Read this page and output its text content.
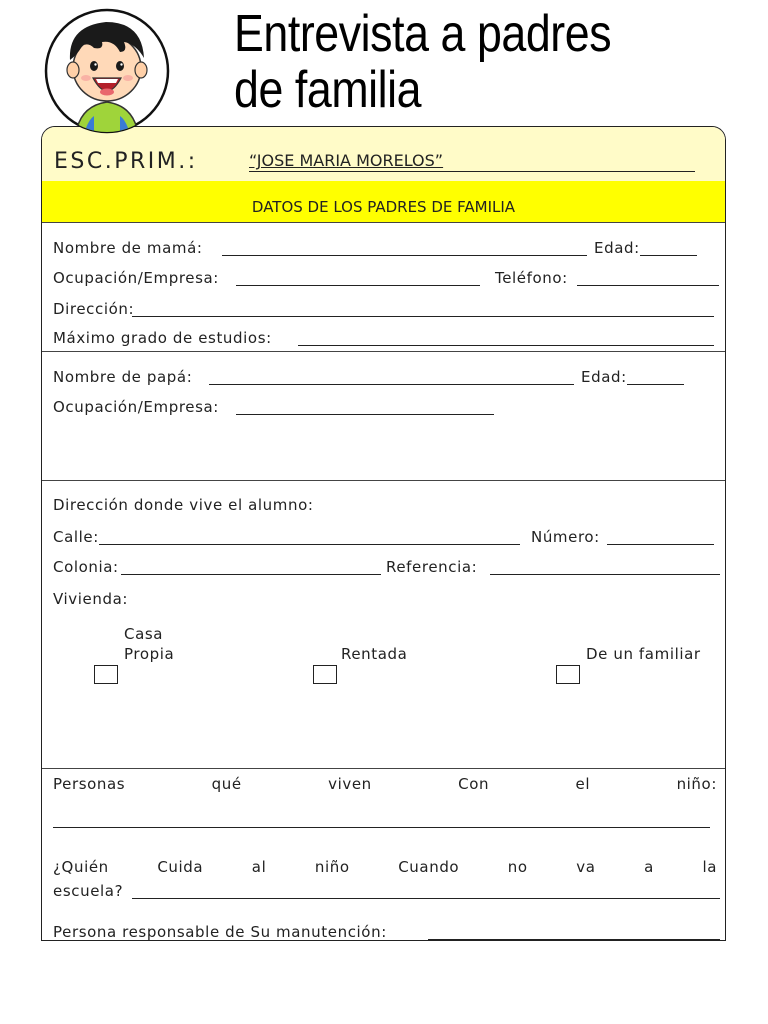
Entrevista a padres
de familia
ESC.PRIM.:	“JOSE MARIA MORELOS”
DATOS DE LOS PADRES DE FAMILIA
Nombre de mamá:	Edad:
Ocupación/Empresa:	Teléfono:
Dirección:
Máximo grado de estudios:
Nombre de papá:	Edad:
Ocupación/Empresa:
Dirección donde vive el alumno:
Calle:	Número:
Colonia:	Referencia:
Vivienda:
Casa
Propia	Rentada	De un familiar
Personas	qué	viven	Con	el	niño:
¿Quién	Cuida	al	niño	Cuando	no	va	a	la
escuela?
Persona responsable de Su manutención:
